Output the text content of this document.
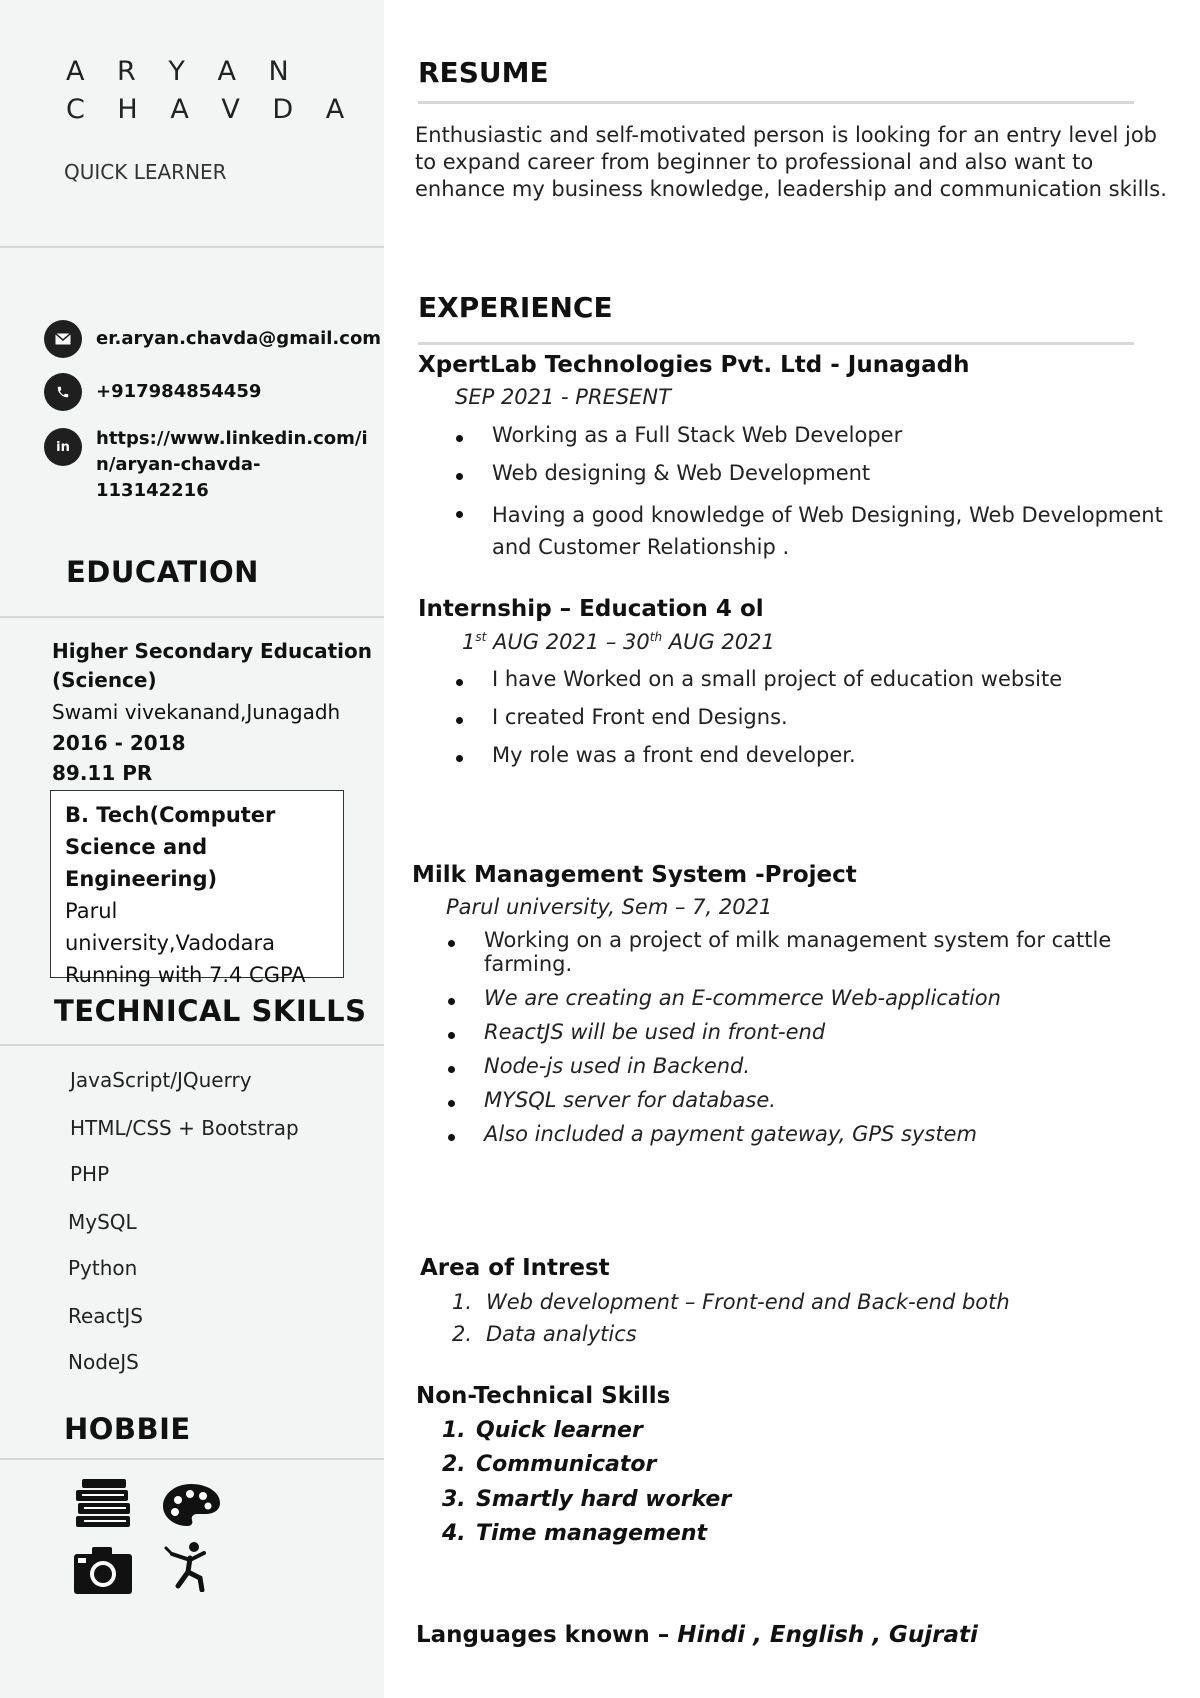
A R Y A N
C H A V D A
QUICK LEARNER
er.aryan.chavda@gmail.com
+917984854459
in	https://www.linkedin.com/i
n/aryan-chavda-113142216
EDUCATION
Higher Secondary Education
(Science)
Swami vivekanand,Junagadh
2016 - 2018
89.11 PR
B. Tech(Computer
Science and Engineering)
Parul university,Vadodara
Running with 7.4 CGPA
TECHNICAL SKILLS
JavaScript/JQuerry
HTML/CSS + Bootstrap
PHP
MySQL
Python
ReactJS
NodeJS
HOBBIE
RESUME
Enthusiastic and self-motivated person is looking for an entry level job to expand career from beginner to professional and also want to enhance my business knowledge, leadership and communication skills.
EXPERIENCE
XpertLab Technologies Pvt. Ltd - Junagadh
SEP 2021 - PRESENT
Working as a Full Stack Web Developer
Web designing & Web Development
Having a good knowledge of Web Designing, Web Development and Customer Relationship .
Internship – Education 4 ol
1st AUG 2021 – 30th AUG 2021
I have Worked on a small project of education website
I created Front end Designs.
My role was a front end developer.
Milk Management System -Project
Parul university, Sem – 7, 2021
Working on a project of milk management system for cattle farming.
We are creating an E-commerce Web-application
ReactJS will be used in front-end
Node-js used in Backend.
MYSQL server for database.
Also included a payment gateway, GPS system
Area of Intrest
1. Web development – Front-end and Back-end both
2. Data analytics
Non-Technical Skills
1. Quick learner
2. Communicator
3. Smartly hard worker
4. Time management
Languages known – Hindi , English , Gujrati
